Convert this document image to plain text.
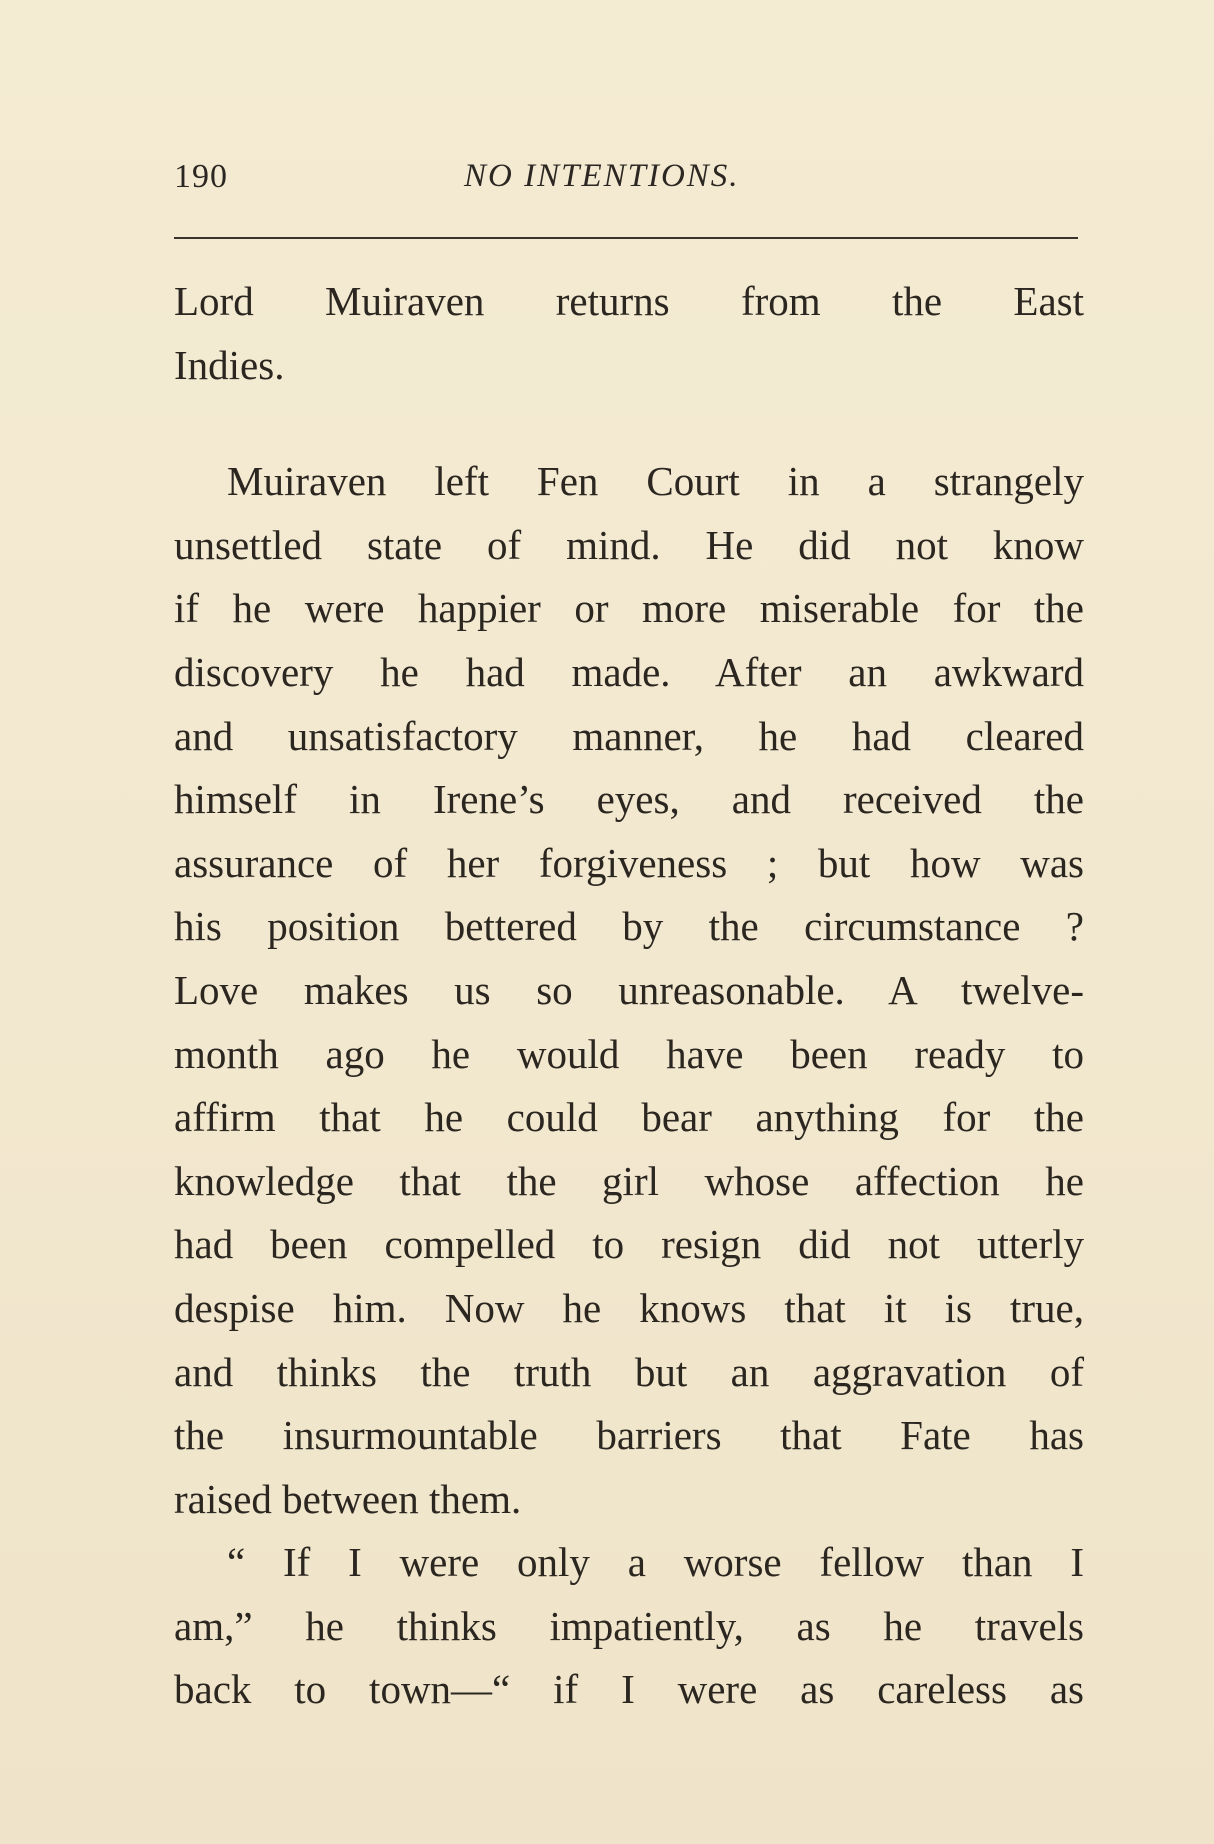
190	NO INTENTIONS.
Lord Muiraven returns from the East
Indies.
Muiraven left Fen Court in a strangely
unsettled state of mind. He did not know
if he were happier or more miserable for the
discovery he had made. After an awkward
and unsatisfactory manner, he had cleared
himself in Irene’s eyes, and received the
assurance of her forgiveness ; but how was
his position bettered by the circumstance ?
Love makes us so unreasonable. A twelve-
month ago he would have been ready to
affirm that he could bear anything for the
knowledge that the girl whose affection he
had been compelled to resign did not utterly
despise him. Now he knows that it is true,
and thinks the truth but an aggravation of
the insurmountable barriers that Fate has
raised between them.
“ If I were only a worse fellow than I
am,” he thinks impatiently, as he travels
back to town—“ if I were as careless as
